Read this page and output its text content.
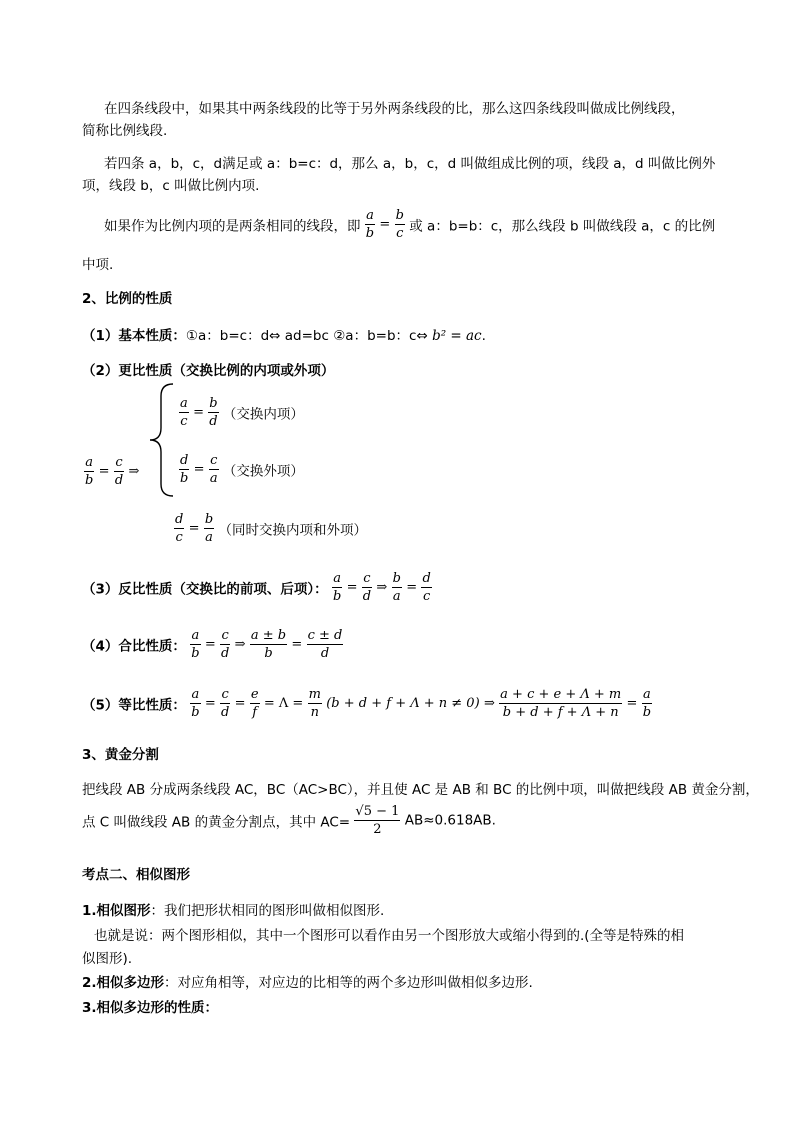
在四条线段中，如果其中两条线段的比等于另外两条线段的比，那么这四条线段叫做成比例线段，
简称比例线段.
若四条 a，b，c，d满足或 a：b=c：d，那么 a，b，c，d 叫做组成比例的项，线段 a，d 叫做比例外
项，线段 b，c 叫做比例内项.
如果作为比例内项的是两条相同的线段，即 $\frac{a}{b} = \frac{b}{c}$ 或 a：b=b：c，那么线段 b 叫做线段 a，c 的比例
中项.
2、比例的性质
（1）基本性质：①a：b=c：d⇔ ad=bc ②a：b=b：c⇔ b² = ac.
（2）更比性质（交换比例的内项或外项）
$\frac{a}{c} = \frac{b}{d}$ （交换内项）
$\frac{a}{b} = \frac{c}{d}$ ⇒	$\frac{d}{b} = \frac{c}{a}$ （交换外项）
$\frac{d}{c} = \frac{b}{a}$ （同时交换内项和外项）
（3）反比性质（交换比的前项、后项）： $\frac{a}{b} = \frac{c}{d}$ ⇒ $\frac{b}{a} = \frac{d}{c}$
（4）合比性质： $\frac{a}{b} = \frac{c}{d}$ ⇒ $\frac{a \pm b}{b} = \frac{c \pm d}{d}$
（5）等比性质： $\frac{a}{b} = \frac{c}{d} = \frac{e}{f} = \Lambda = \frac{m}{n} (b + d + f + \Lambda + n \ne 0)$ ⇒ $\frac{a + c + e + \Lambda + m}{b + d + f + \Lambda + n} = \frac{a}{b}$
3、黄金分割
把线段 AB 分成两条线段 AC，BC（AC>BC），并且使 AC 是 AB 和 BC 的比例中项，叫做把线段 AB 黄金分割，
点 C 叫做线段 AB 的黄金分割点，其中 $AC= \frac{√5 - 1}{2} AB\approx 0.618AB$.
考点二、相似图形
1.相似图形：我们把形状相同的图形叫做相似图形.
也就是说：两个图形相似，其中一个图形可以看作由另一个图形放大或缩小得到的.(全等是特殊的相
似图形).
2.相似多边形：对应角相等，对应边的比相等的两个多边形叫做相似多边形.
3.相似多边形的性质：
